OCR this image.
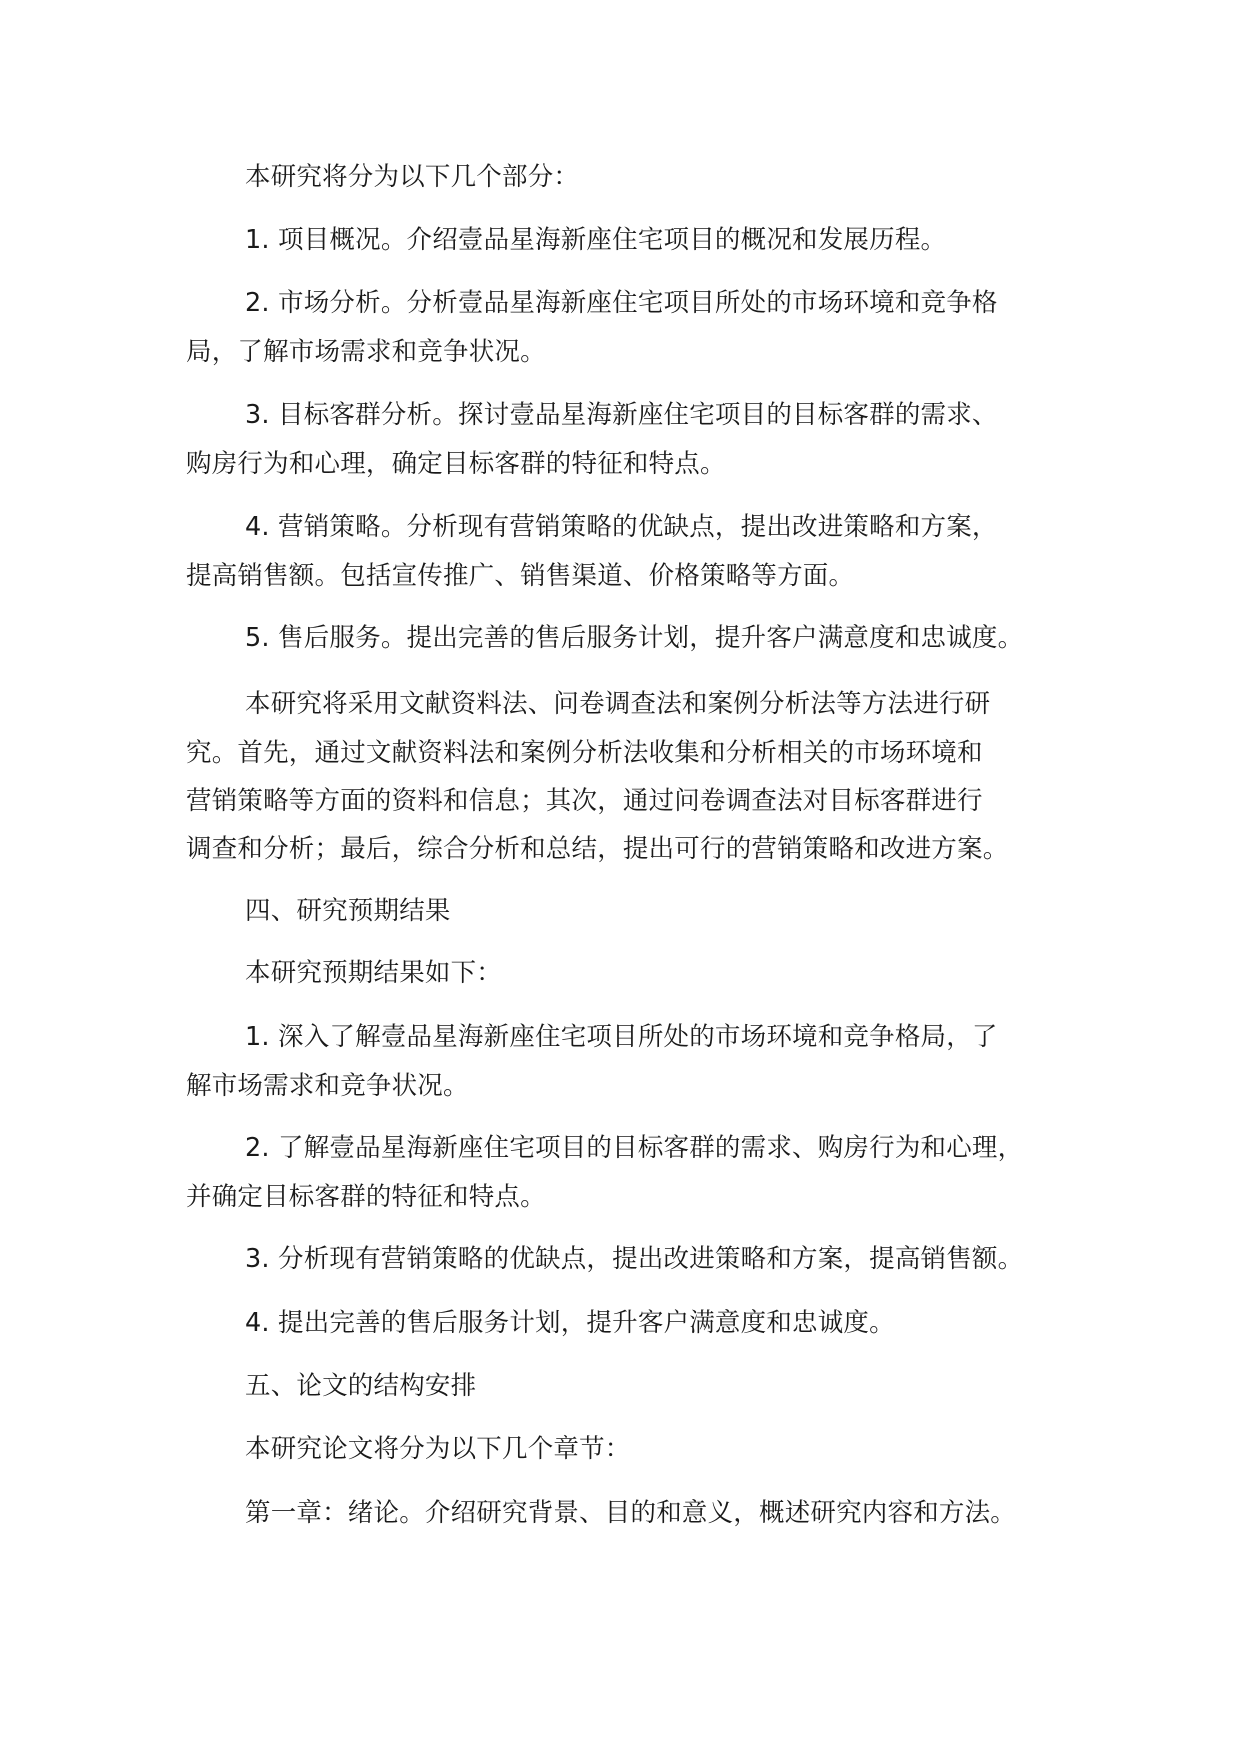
本研究将分为以下几个部分：
1. 项目概况。介绍壹品星海新座住宅项目的概况和发展历程。
2. 市场分析。分析壹品星海新座住宅项目所处的市场环境和竞争格
局，了解市场需求和竞争状况。
3. 目标客群分析。探讨壹品星海新座住宅项目的目标客群的需求、
购房行为和心理，确定目标客群的特征和特点。
4. 营销策略。分析现有营销策略的优缺点，提出改进策略和方案，
提高销售额。包括宣传推广、销售渠道、价格策略等方面。
5. 售后服务。提出完善的售后服务计划，提升客户满意度和忠诚度。
本研究将采用文献资料法、问卷调查法和案例分析法等方法进行研
究。首先，通过文献资料法和案例分析法收集和分析相关的市场环境和
营销策略等方面的资料和信息；其次，通过问卷调查法对目标客群进行
调查和分析；最后，综合分析和总结，提出可行的营销策略和改进方案。
四、研究预期结果
本研究预期结果如下：
1. 深入了解壹品星海新座住宅项目所处的市场环境和竞争格局，了
解市场需求和竞争状况。
2. 了解壹品星海新座住宅项目的目标客群的需求、购房行为和心理，
并确定目标客群的特征和特点。
3. 分析现有营销策略的优缺点，提出改进策略和方案，提高销售额。
4. 提出完善的售后服务计划，提升客户满意度和忠诚度。
五、论文的结构安排
本研究论文将分为以下几个章节：
第一章：绪论。介绍研究背景、目的和意义，概述研究内容和方法。
